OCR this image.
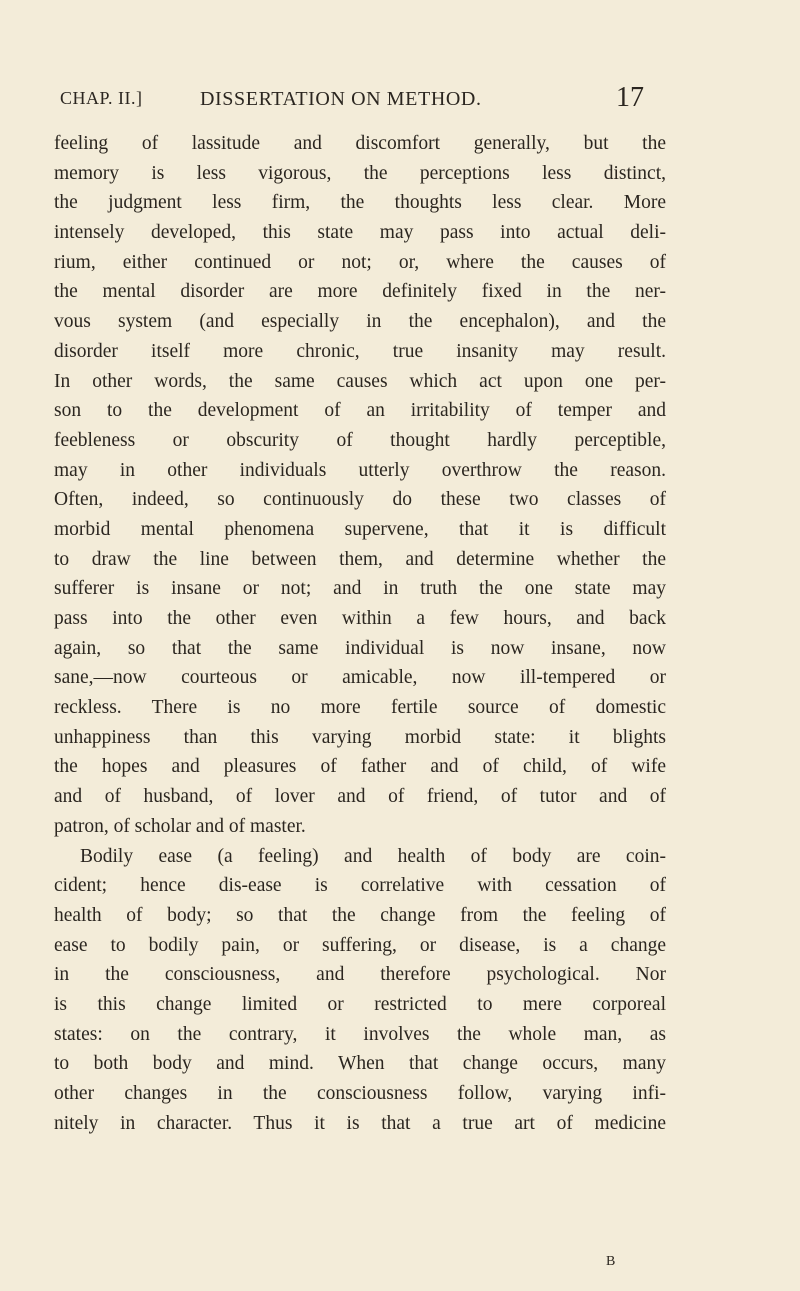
CHAP. II.]	DISSERTATION ON METHOD.	17
feeling of lassitude and discomfort generally, but the
memory is less vigorous, the perceptions less distinct,
the judgment less firm, the thoughts less clear. More
intensely developed, this state may pass into actual deli-
rium, either continued or not; or, where the causes of
the mental disorder are more definitely fixed in the ner-
vous system (and especially in the encephalon), and the
disorder itself more chronic, true insanity may result.
In other words, the same causes which act upon one per-
son to the development of an irritability of temper and
feebleness or obscurity of thought hardly perceptible,
may in other individuals utterly overthrow the reason.
Often, indeed, so continuously do these two classes of
morbid mental phenomena supervene, that it is difficult
to draw the line between them, and determine whether the
sufferer is insane or not; and in truth the one state may
pass into the other even within a few hours, and back
again, so that the same individual is now insane, now
sane,—now courteous or amicable, now ill-tempered or
reckless. There is no more fertile source of domestic
unhappiness than this varying morbid state: it blights
the hopes and pleasures of father and of child, of wife
and of husband, of lover and of friend, of tutor and of
patron, of scholar and of master.
Bodily ease (a feeling) and health of body are coin-
cident; hence dis-ease is correlative with cessation of
health of body; so that the change from the feeling of
ease to bodily pain, or suffering, or disease, is a change
in the consciousness, and therefore psychological. Nor
is this change limited or restricted to mere corporeal
states: on the contrary, it involves the whole man, as
to both body and mind. When that change occurs, many
other changes in the consciousness follow, varying infi-
nitely in character. Thus it is that a true art of medicine
B
